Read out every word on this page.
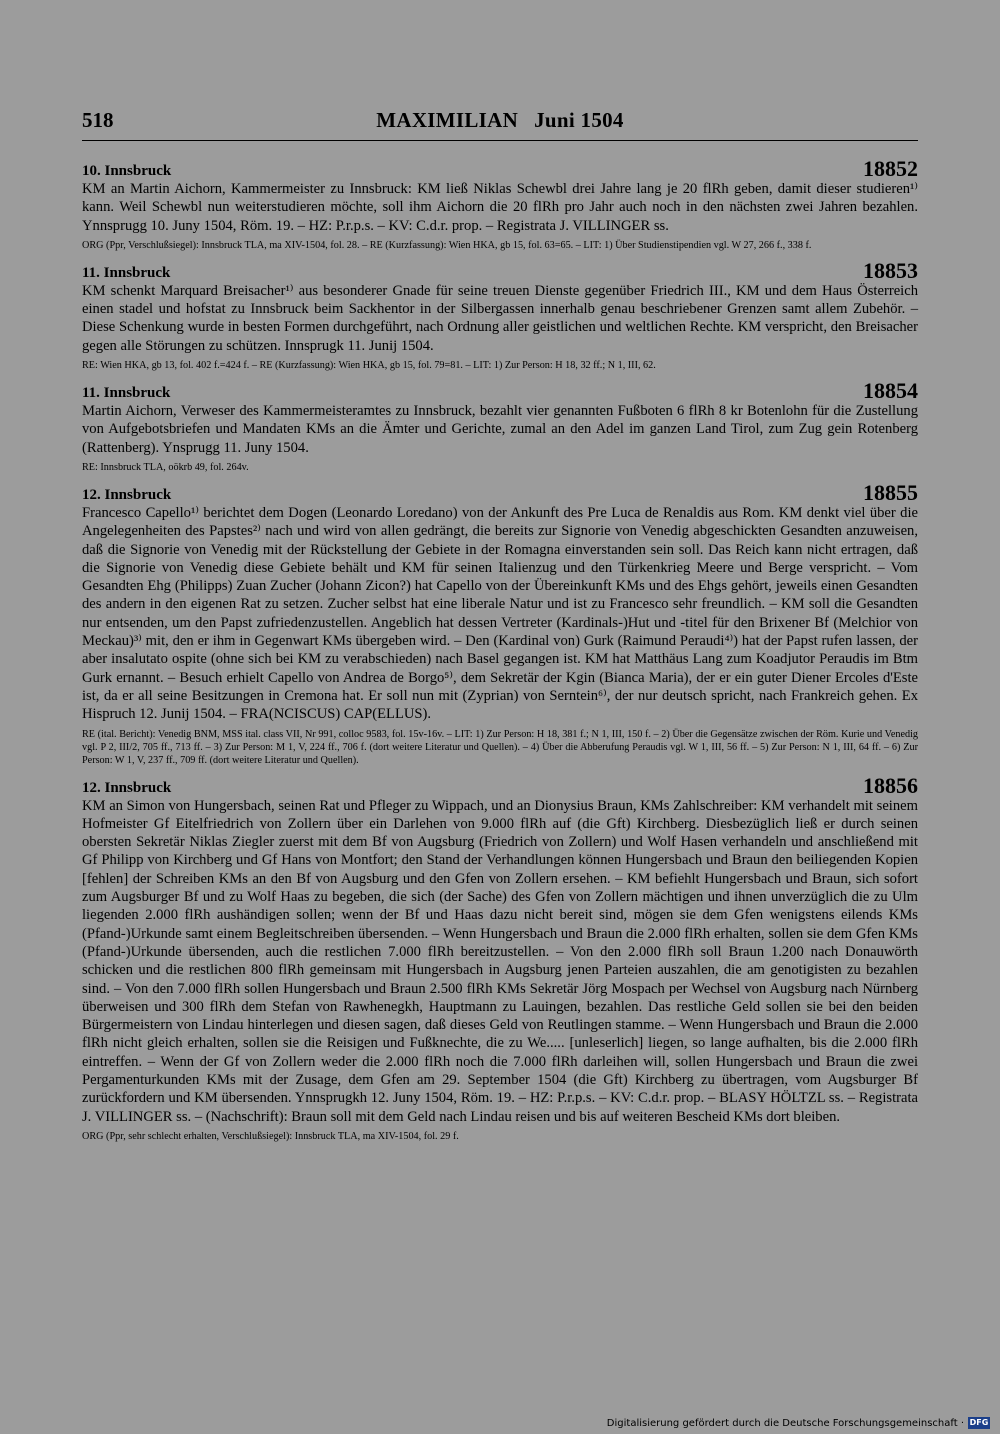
518	MAXIMILIAN Juni 1504
10. Innsbruck	18852

KM an Martin Aichorn, Kammermeister zu Innsbruck: KM ließ Niklas Schewbl drei Jahre lang je 20 flRh geben, damit dieser studieren¹⁾ kann. Weil Schewbl nun weiterstudieren möchte, soll ihm Aichorn die 20 flRh pro Jahr auch noch in den nächsten zwei Jahren bezahlen. Ynnsprugg 10. Juny 1504, Röm. 19. – HZ: P.r.p.s. – KV: C.d.r. prop. – Registrata J. VILLINGER ss.

ORG (Ppr, Verschlußsiegel): Innsbruck TLA, ma XIV-1504, fol. 28. – RE (Kurzfassung): Wien HKA, gb 15, fol. 63=65. – LIT: 1) Über Studienstipendien vgl. W 27, 266 f., 338 f.

11. Innsbruck	18853

KM schenkt Marquard Breisacher¹⁾ aus besonderer Gnade für seine treuen Dienste gegenüber Friedrich III., KM und dem Haus Österreich einen stadel und hofstat zu Innsbruck beim Sackhentor in der Silbergassen innerhalb genau beschriebener Grenzen samt allem Zubehör. – Diese Schenkung wurde in besten Formen durchgeführt, nach Ordnung aller geistlichen und weltlichen Rechte. KM verspricht, den Breisacher gegen alle Störungen zu schützen. Innsprugk 11. Junij 1504.

RE: Wien HKA, gb 13, fol. 402 f.=424 f. – RE (Kurzfassung): Wien HKA, gb 15, fol. 79=81. – LIT: 1) Zur Person: H 18, 32 ff.; N 1, III, 62.

11. Innsbruck	18854

Martin Aichorn, Verweser des Kammermeisteramtes zu Innsbruck, bezahlt vier genannten Fußboten 6 flRh 8 kr Botenlohn für die Zustellung von Aufgebotsbriefen und Mandaten KMs an die Ämter und Gerichte, zumal an den Adel im ganzen Land Tirol, zum Zug gein Rotenberg (Rattenberg). Ynsprugg 11. Juny 1504.

RE: Innsbruck TLA, oökrb 49, fol. 264v.

12. Innsbruck	18855

Francesco Capello¹⁾ berichtet dem Dogen (Leonardo Loredano) von der Ankunft des Pre Luca de Renaldis aus Rom. KM denkt viel über die Angelegenheiten des Papstes²⁾ nach und wird von allen gedrängt, die bereits zur Signorie von Venedig abgeschickten Gesandten anzuweisen, daß die Signorie von Venedig mit der Rückstellung der Gebiete in der Romagna einverstanden sein soll. Das Reich kann nicht ertragen, daß die Signorie von Venedig diese Gebiete behält und KM für seinen Italienzug und den Türkenkrieg Meere und Berge verspricht. – Vom Gesandten Ehg (Philipps) Zuan Zucher (Johann Zicon?) hat Capello von der Übereinkunft KMs und des Ehgs gehört, jeweils einen Gesandten des andern in den eigenen Rat zu setzen. Zucher selbst hat eine liberale Natur und ist zu Francesco sehr freundlich. – KM soll die Gesandten nur entsenden, um den Papst zufriedenzustellen. Angeblich hat dessen Vertreter (Kardinals-)Hut und -titel für den Brixener Bf (Melchior von Meckau)³⁾ mit, den er ihm in Gegenwart KMs übergeben wird. – Den (Kardinal von) Gurk (Raimund Peraudi⁴⁾) hat der Papst rufen lassen, der aber insalutato ospite (ohne sich bei KM zu verabschieden) nach Basel gegangen ist. KM hat Matthäus Lang zum Koadjutor Peraudis im Btm Gurk ernannt. – Besuch erhielt Capello von Andrea de Borgo⁵⁾, dem Sekretär der Kgin (Bianca Maria), der er ein guter Diener Ercoles d'Este ist, da er all seine Besitzungen in Cremona hat. Er soll nun mit (Zyprian) von Serntein⁶⁾, der nur deutsch spricht, nach Frankreich gehen. Ex Hispruch 12. Junij 1504. – FRA(NCISCUS) CAP(ELLUS).

RE (ital. Bericht): Venedig BNM, MSS ital. class VII, Nr 991, colloc 9583, fol. 15v-16v. – LIT: 1) Zur Person: H 18, 381 f.; N 1, III, 150 f. – 2) Über die Gegensätze zwischen der Röm. Kurie und Venedig vgl. P 2, III/2, 705 ff., 713 ff. – 3) Zur Person: M 1, V, 224 ff., 706 f. (dort weitere Literatur und Quellen). – 4) Über die Abberufung Peraudis vgl. W 1, III, 56 ff. – 5) Zur Person: N 1, III, 64 ff. – 6) Zur Person: W 1, V, 237 ff., 709 ff. (dort weitere Literatur und Quellen).

12. Innsbruck	18856

KM an Simon von Hungersbach, seinen Rat und Pfleger zu Wippach, und an Dionysius Braun, KMs Zahlschreiber: KM verhandelt mit seinem Hofmeister Gf Eitelfriedrich von Zollern über ein Darlehen von 9.000 flRh auf (die Gft) Kirchberg. Diesbezüglich ließ er durch seinen obersten Sekretär Niklas Ziegler zuerst mit dem Bf von Augsburg (Friedrich von Zollern) und Wolf Hasen verhandeln und anschließend mit Gf Philipp von Kirchberg und Gf Hans von Montfort; den Stand der Verhandlungen können Hungersbach und Braun den beiliegenden Kopien [fehlen] der Schreiben KMs an den Bf von Augsburg und den Gfen von Zollern ersehen. – KM befiehlt Hungersbach und Braun, sich sofort zum Augsburger Bf und zu Wolf Haas zu begeben, die sich (der Sache) des Gfen von Zollern mächtigen und ihnen unverzüglich die zu Ulm liegenden 2.000 flRh aushändigen sollen; wenn der Bf und Haas dazu nicht bereit sind, mögen sie dem Gfen wenigstens eilends KMs (Pfand-)Urkunde samt einem Begleitschreiben übersenden. – Wenn Hungersbach und Braun die 2.000 flRh erhalten, sollen sie dem Gfen KMs (Pfand-)Urkunde übersenden, auch die restlichen 7.000 flRh bereitzustellen. – Von den 2.000 flRh soll Braun 1.200 nach Donauwörth schicken und die restlichen 800 flRh gemeinsam mit Hungersbach in Augsburg jenen Parteien auszahlen, die am genotigisten zu bezahlen sind. – Von den 7.000 flRh sollen Hungersbach und Braun 2.500 flRh KMs Sekretär Jörg Mospach per Wechsel von Augsburg nach Nürnberg überweisen und 300 flRh dem Stefan von Rawhenegkh, Hauptmann zu Lauingen, bezahlen. Das restliche Geld sollen sie bei den beiden Bürgermeistern von Lindau hinterlegen und diesen sagen, daß dieses Geld von Reutlingen stamme. – Wenn Hungersbach und Braun die 2.000 flRh nicht gleich erhalten, sollen sie die Reisigen und Fußknechte, die zu We..... [unleserlich] liegen, so lange aufhalten, bis die 2.000 flRh eintreffen. – Wenn der Gf von Zollern weder die 2.000 flRh noch die 7.000 flRh darleihen will, sollen Hungersbach und Braun die zwei Pergamenturkunden KMs mit der Zusage, dem Gfen am 29. September 1504 (die Gft) Kirchberg zu übertragen, vom Augsburger Bf zurückfordern und KM übersenden. Ynnsprugkh 12. Juny 1504, Röm. 19. – HZ: P.r.p.s. – KV: C.d.r. prop. – BLASY HÖLTZL ss. – Registrata J. VILLINGER ss. – (Nachschrift): Braun soll mit dem Geld nach Lindau reisen und bis auf weiteren Bescheid KMs dort bleiben.

ORG (Ppr, sehr schlecht erhalten, Verschlußsiegel): Innsbruck TLA, ma XIV-1504, fol. 29 f.

Digitalisierung gefördert durch die Deutsche Forschungsgemeinschaft · DFG
